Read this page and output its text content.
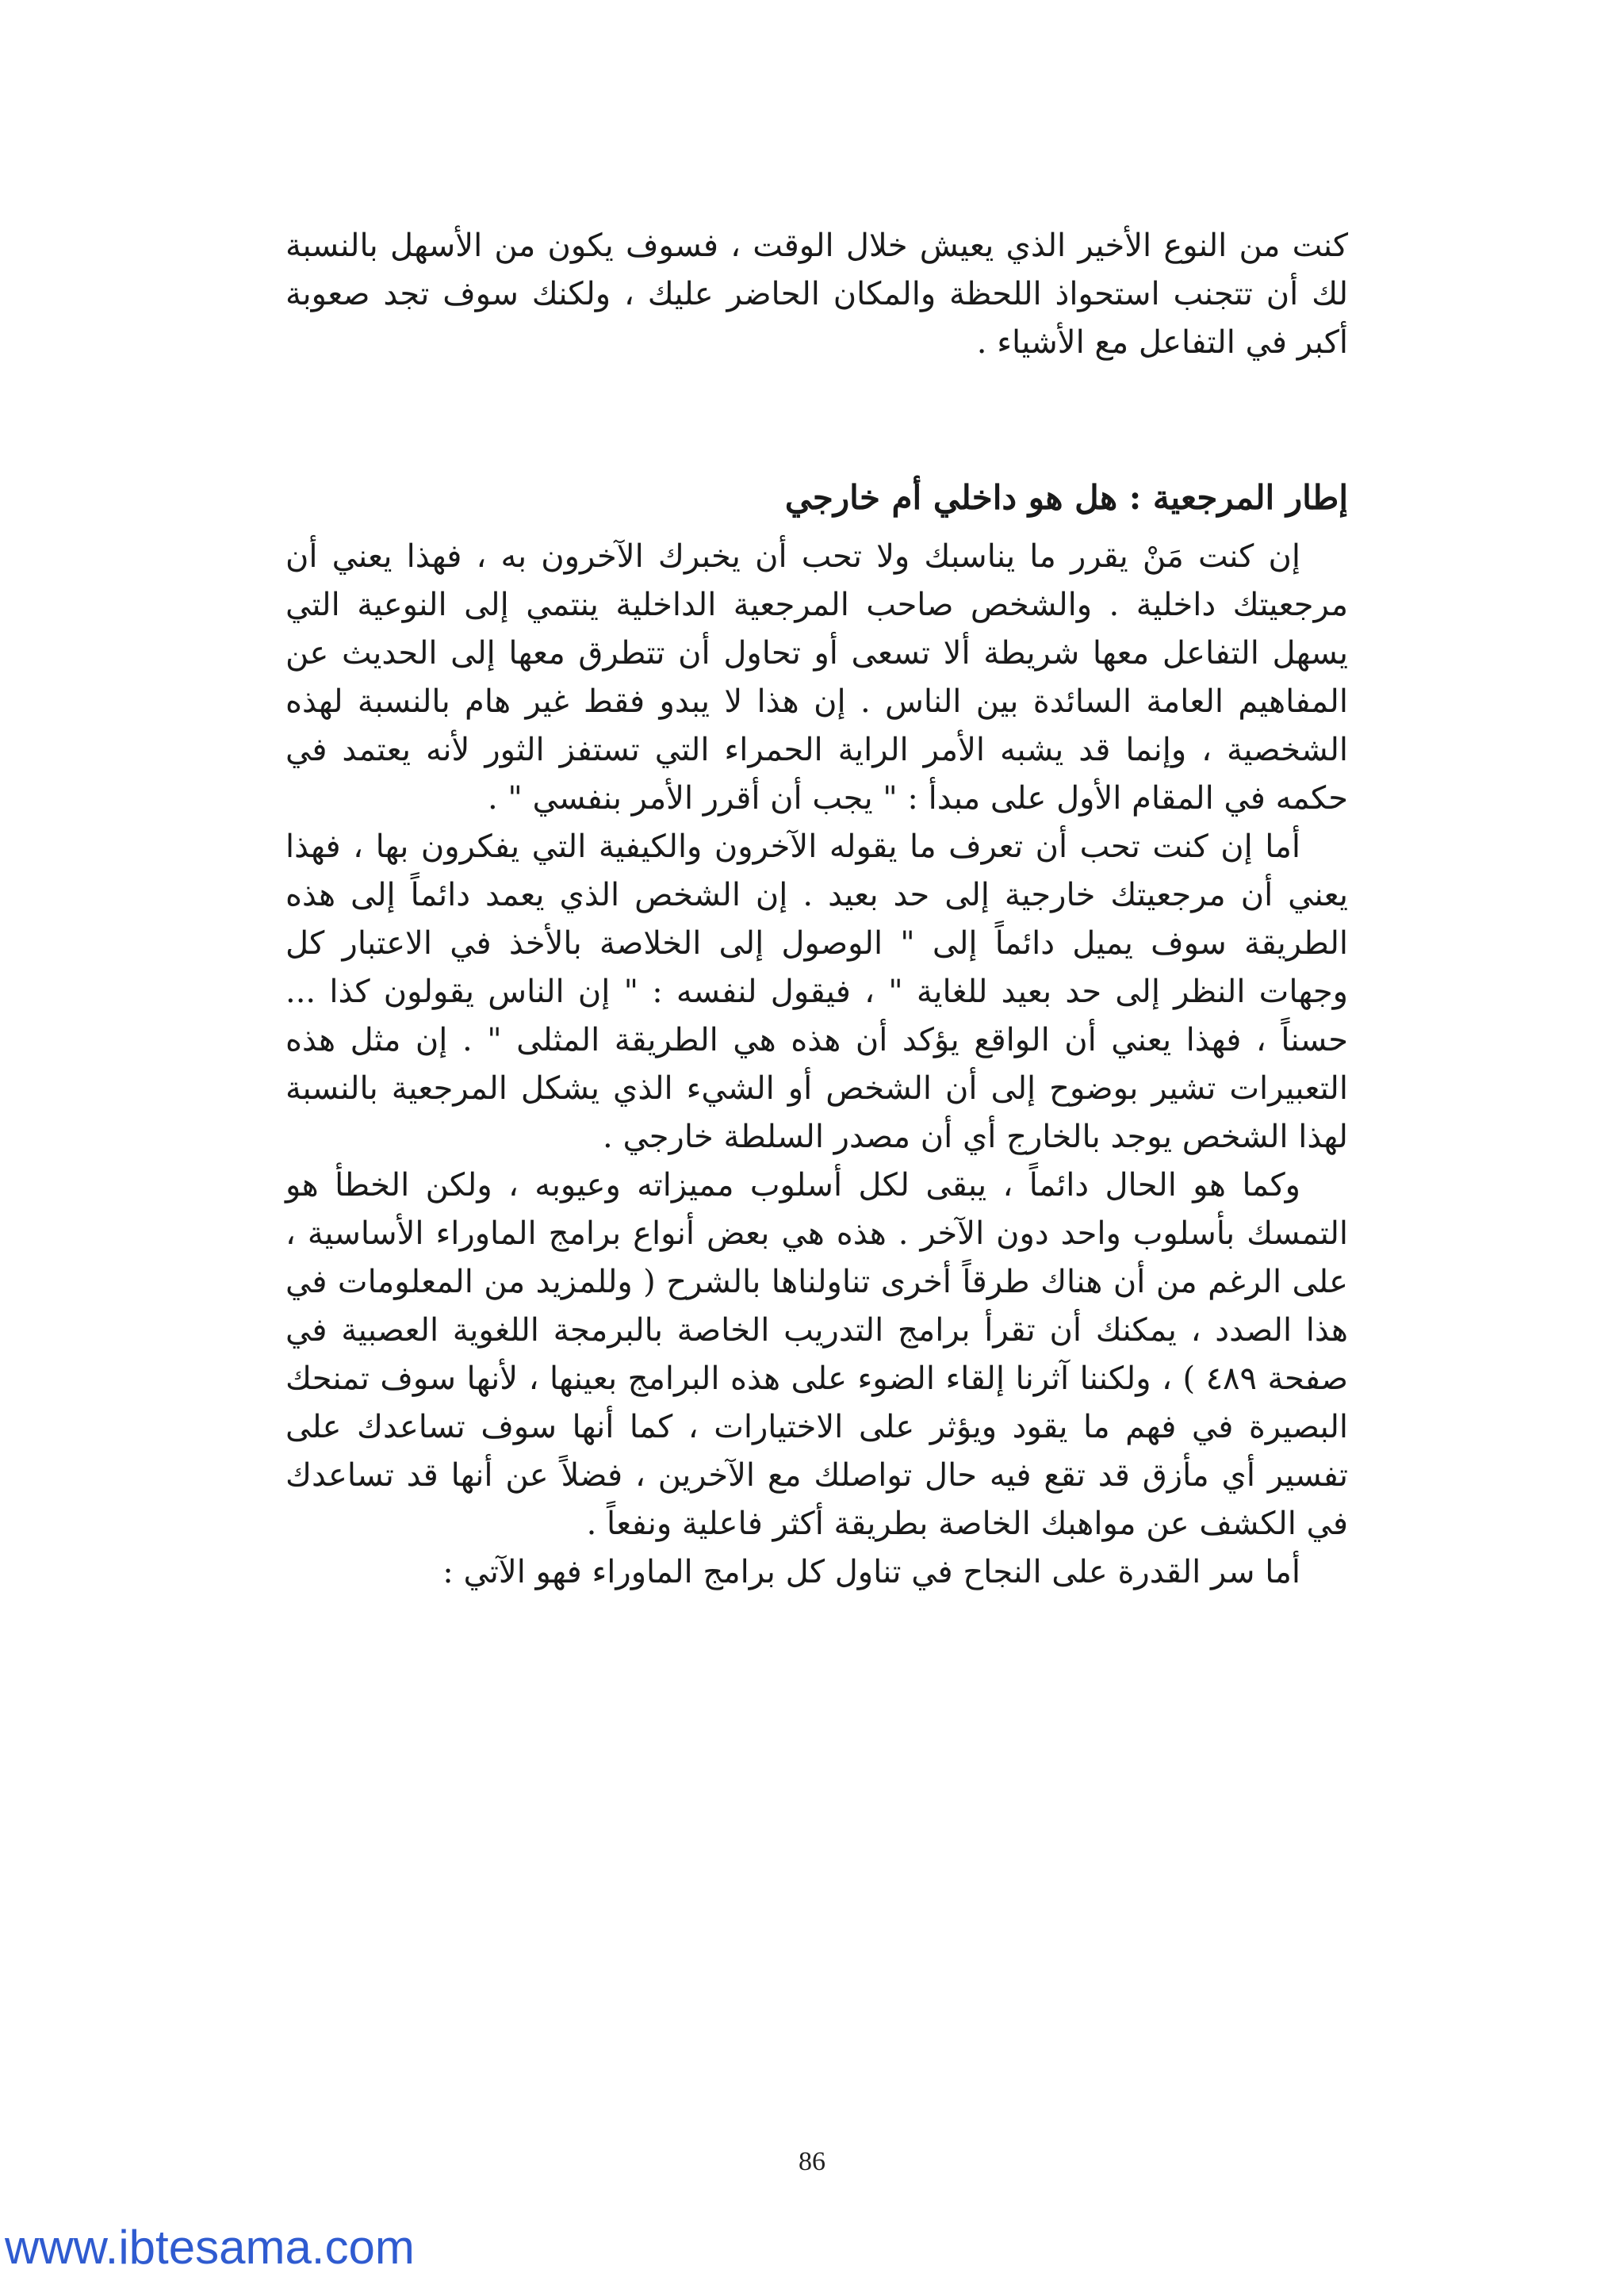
كنت من النوع الأخير الذي يعيش خلال الوقت ، فسوف يكون من الأسهل بالنسبة لك أن تتجنب استحواذ اللحظة والمكان الحاضر عليك ، ولكنك سوف تجد صعوبة أكبر في التفاعل مع الأشياء .

إطار المرجعية : هل هو داخلي أم خارجي

إن كنت مَنْ يقرر ما يناسبك ولا تحب أن يخبرك الآخرون به ، فهذا يعني أن مرجعيتك داخلية . والشخص صاحب المرجعية الداخلية ينتمي إلى النوعية التي يسهل التفاعل معها شريطة ألا تسعى أو تحاول أن تتطرق معها إلى الحديث عن المفاهيم العامة السائدة بين الناس . إن هذا لا يبدو فقط غير هام بالنسبة لهذه الشخصية ، وإنما قد يشبه الأمر الراية الحمراء التي تستفز الثور لأنه يعتمد في حكمه في المقام الأول على مبدأ : " يجب أن أقرر الأمر بنفسي " .

أما إن كنت تحب أن تعرف ما يقوله الآخرون والكيفية التي يفكرون بها ، فهذا يعني أن مرجعيتك خارجية إلى حد بعيد . إن الشخص الذي يعمد دائماً إلى هذه الطريقة سوف يميل دائماً إلى " الوصول إلى الخلاصة بالأخذ في الاعتبار كل وجهات النظر إلى حد بعيد للغاية " ، فيقول لنفسه : " إن الناس يقولون كذا ... حسناً ، فهذا يعني أن الواقع يؤكد أن هذه هي الطريقة المثلى " . إن مثل هذه التعبيرات تشير بوضوح إلى أن الشخص أو الشيء الذي يشكل المرجعية بالنسبة لهذا الشخص يوجد بالخارج أي أن مصدر السلطة خارجي .

وكما هو الحال دائماً ، يبقى لكل أسلوب مميزاته وعيوبه ، ولكن الخطأ هو التمسك بأسلوب واحد دون الآخر . هذه هي بعض أنواع برامج الماوراء الأساسية ، على الرغم من أن هناك طرقاً أخرى تناولناها بالشرح ( وللمزيد من المعلومات في هذا الصدد ، يمكنك أن تقرأ برامج التدريب الخاصة بالبرمجة اللغوية العصبية في صفحة ٤٨٩ ) ، ولكننا آثرنا إلقاء الضوء على هذه البرامج بعينها ، لأنها سوف تمنحك البصيرة في فهم ما يقود ويؤثر على الاختيارات ، كما أنها سوف تساعدك على تفسير أي مأزق قد تقع فيه حال تواصلك مع الآخرين ، فضلاً عن أنها قد تساعدك في الكشف عن مواهبك الخاصة بطريقة أكثر فاعلية ونفعاً .

أما سر القدرة على النجاح في تناول كل برامج الماوراء فهو الآتي :

86
www.ibtesama.com
